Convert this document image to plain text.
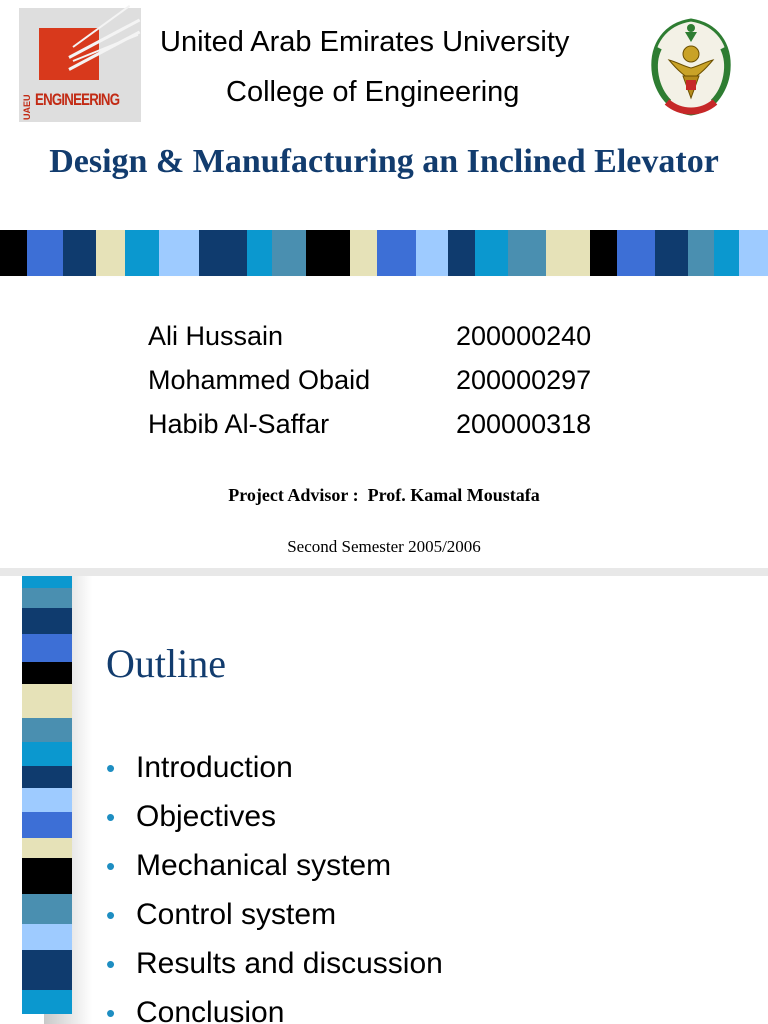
UAEU ENGINEERING
United Arab Emirates University
College of Engineering
Design & Manufacturing an Inclined Elevator
Ali Hussain	200000240
Mohammed Obaid	200000297
Habib Al-Saffar	200000318
Project Advisor :  Prof. Kamal Moustafa
Second Semester 2005/2006
Outline
• Introduction
• Objectives
• Mechanical system
• Control system
• Results and discussion
• Conclusion
